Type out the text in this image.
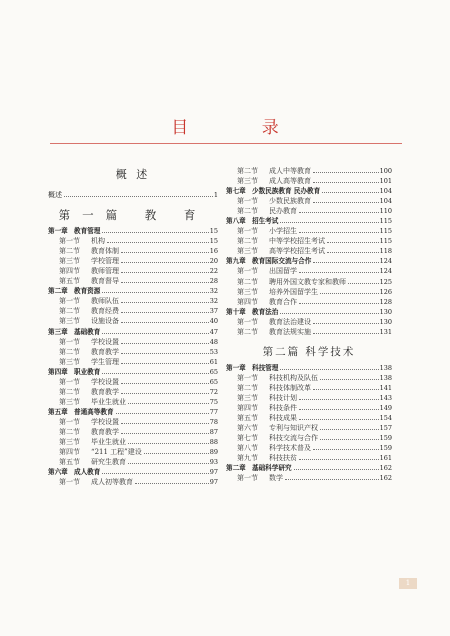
目 录
概 述
概述	1
第一篇 教 育
第一章 教育管理	15
第一节 机构	15
第二节 教育体制	16
第三节 学校管理	20
第四节 教师管理	22
第五节 教育督导	28
第二章 教育资源	32
第一节 教师队伍	32
第二节 教育经费	37
第三节 设施设备	40
第三章 基础教育	47
第一节 学校设置	48
第二节 教育教学	53
第三节 学生管理	61
第四章 职业教育	65
第一节 学校设置	65
第二节 教育教学	72
第三节 毕业生就业	75
第五章 普通高等教育	77
第一节 学校设置	78
第二节 教育教学	87
第三节 毕业生就业	88
第四节 “211 工程”建设	89
第五节 研究生教育	93
第六章 成人教育	97
第一节 成人初等教育	97
第二节 成人中等教育	100
第三节 成人高等教育	101
第七章 少数民族教育 民办教育	104
第一节 少数民族教育	104
第二节 民办教育	110
第八章 招生考试	115
第一节 小学招生	115
第二节 中等学校招生考试	115
第三节 高等学校招生考试	118
第九章 教育国际交流与合作	124
第一节 出国留学	124
第二节 聘用外国文教专家和教师	125
第三节 培养外国留学生	126
第四节 教育合作	128
第十章 教育法治	130
第一节 教育法治建设	130
第二节 教育法规实施	131
第二篇 科学技术
第一章 科技管理	138
第一节 科技机构及队伍	138
第二节 科技体制改革	141
第三节 科技计划	143
第四节 科技条件	149
第五节 科技成果	154
第六节 专利与知识产权	157
第七节 科技交流与合作	159
第八节 科学技术普及	159
第九节 科技扶贫	161
第二章 基础科学研究	162
第一节 数学	162
1
